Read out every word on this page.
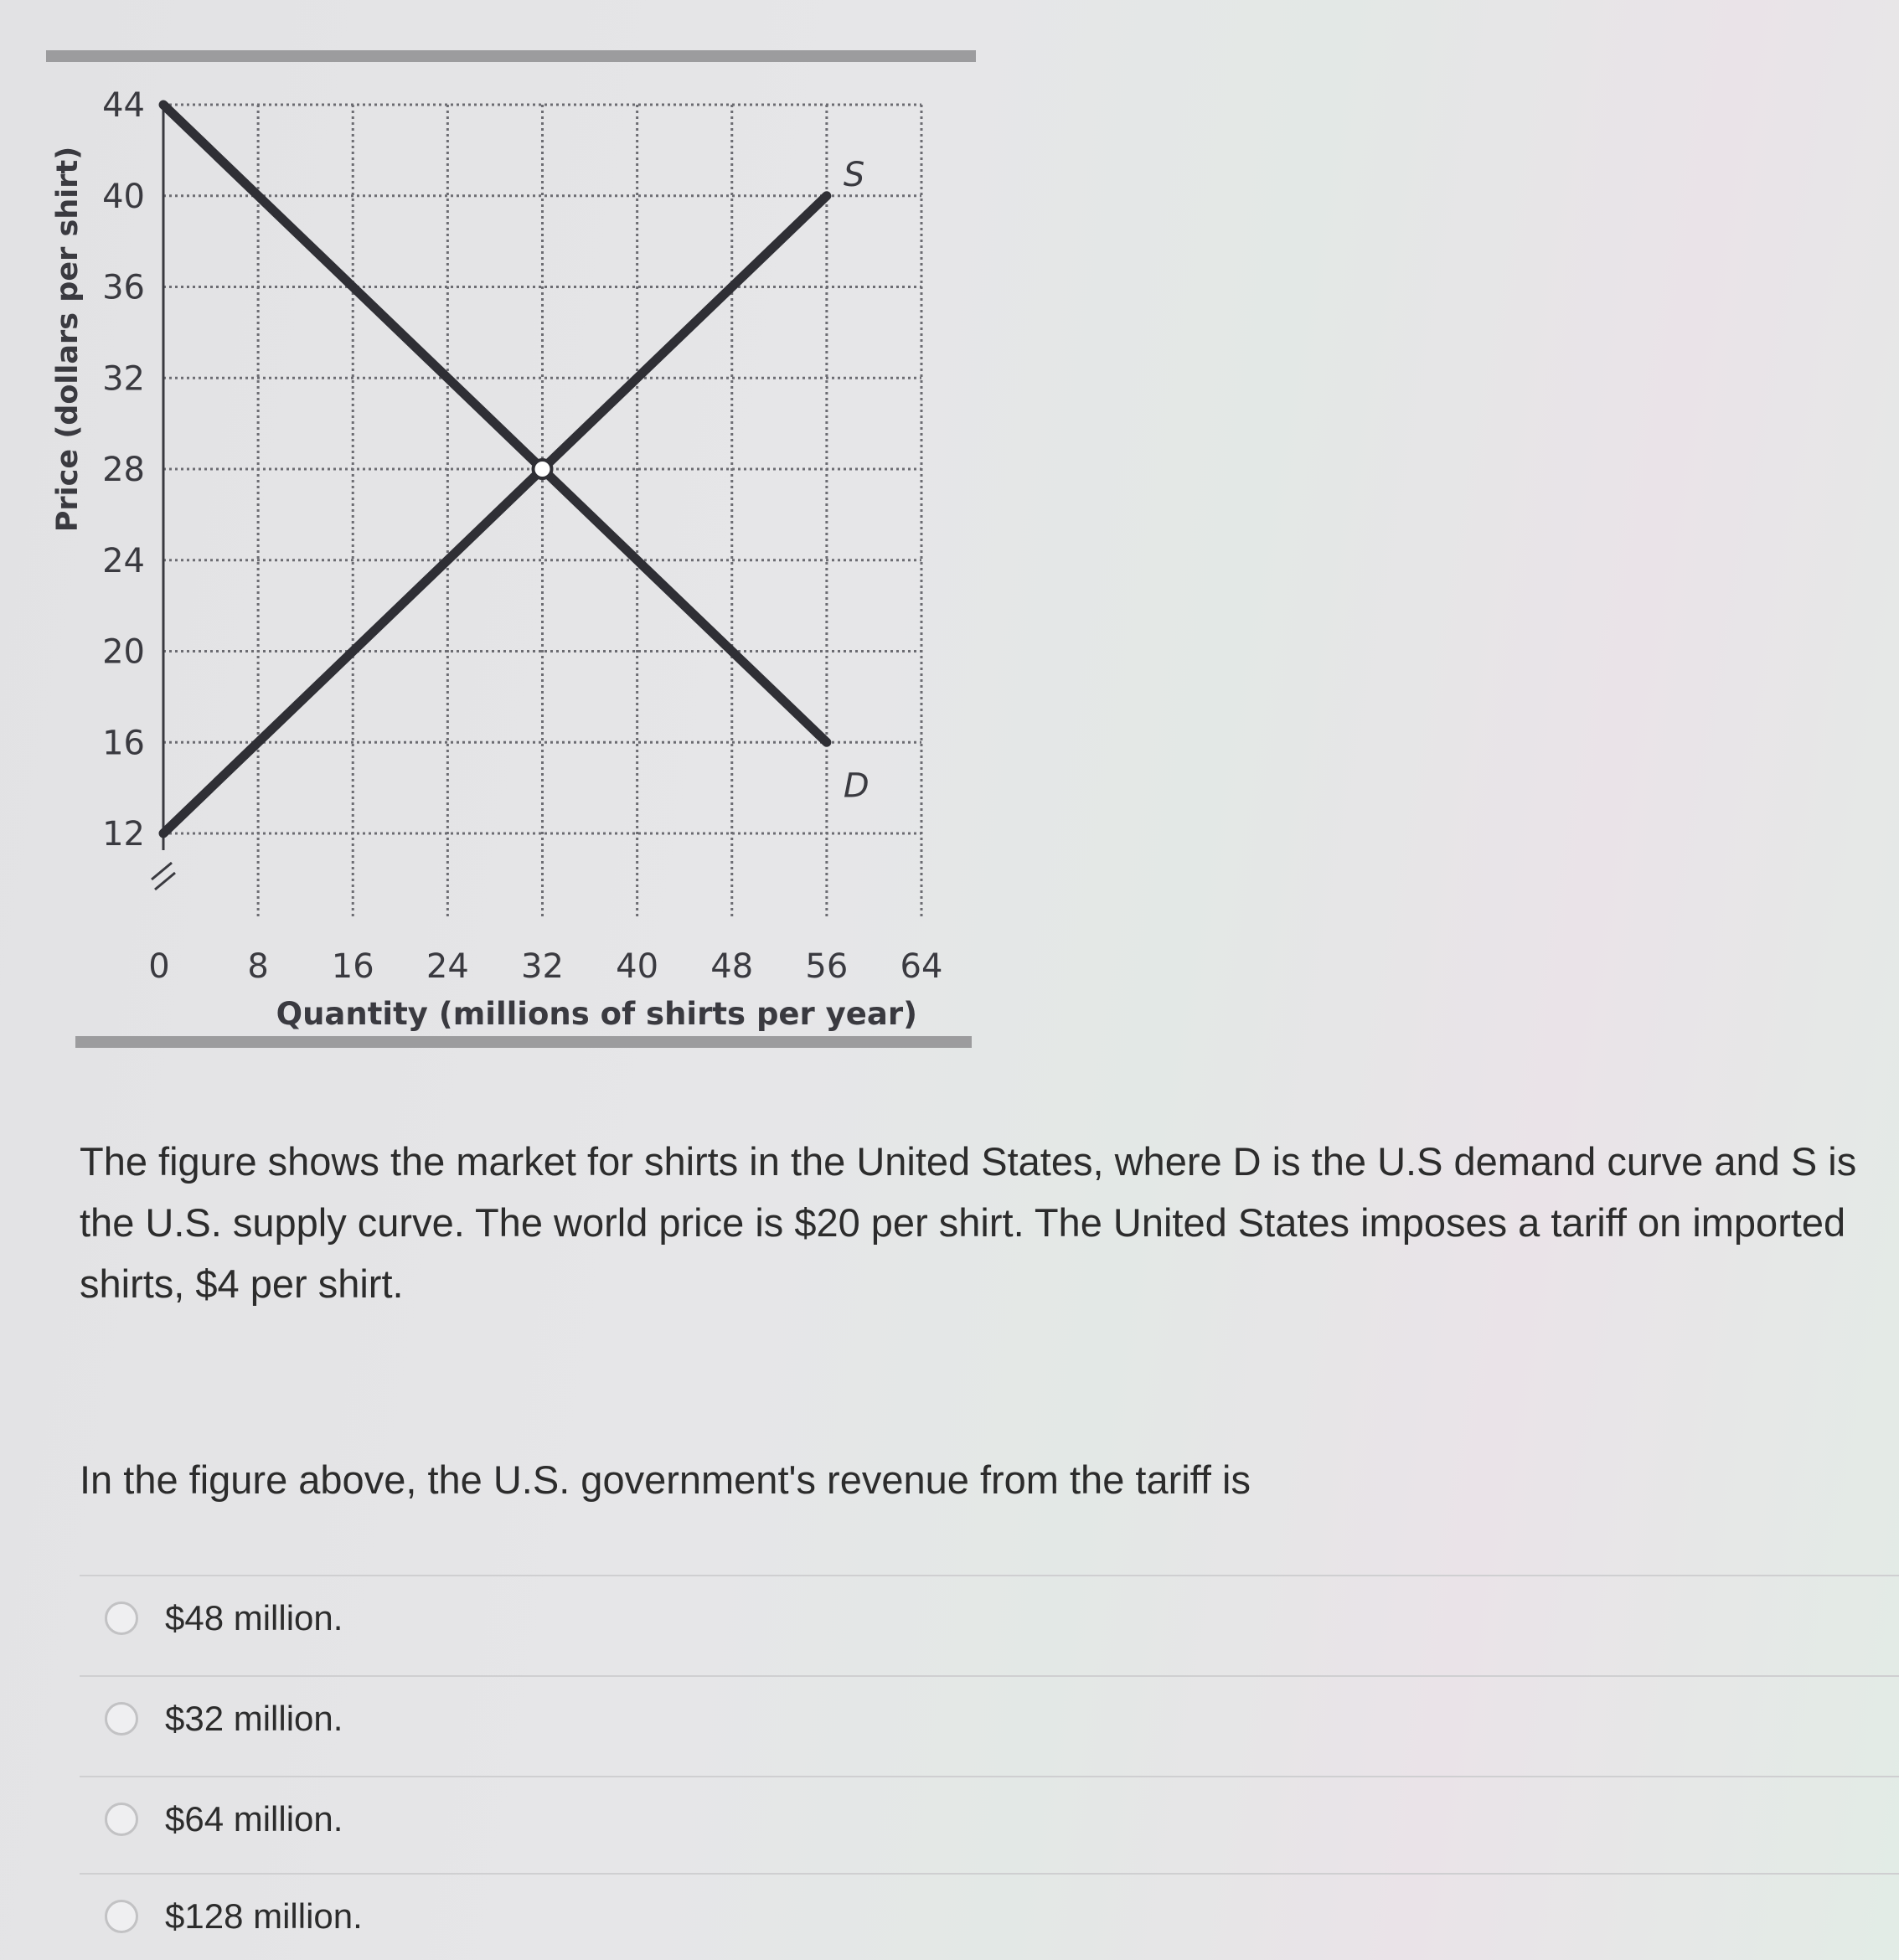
12
16
20
24
28
32
36
40
44
0 8 16 24 32 40 48 56 64
Quantity (millions of shirts per year)
Price (dollars per shirt)	S
D

The figure shows the market for shirts in the United States, where D is the U.S demand curve and S is the U.S. supply curve. The world price is $20 per shirt. The United States imposes a tariff on imported shirts, $4 per shirt.

In the figure above, the U.S. government's revenue from the tariff is

$48 million.
$32 million.
$64 million.
$128 million.
